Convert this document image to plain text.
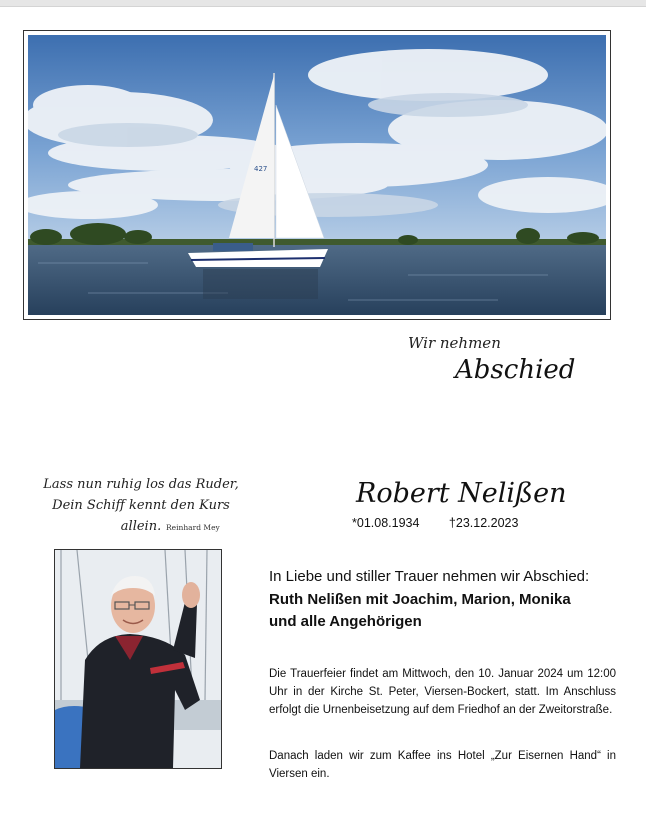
427
Wir nehmen
Abschied
Lass nun ruhig los das Ruder,
Dein Schiff kennt den Kurs allein. Reinhard Mey
Robert Nelißen
*01.08.1934 †23.12.2023
In Liebe und stiller Trauer nehmen wir Abschied:
Ruth Nelißen mit Joachim, Marion, Monika
und alle Angehörigen

Die Trauerfeier findet am Mittwoch, den 10. Januar 2024 um 12:00 Uhr in der Kirche St. Peter, Viersen-Bockert, statt. Im Anschluss erfolgt die Urnenbeisetzung auf dem Friedhof an der Zweitorstraße.

Danach laden wir zum Kaffee ins Hotel „Zur Eisernen Hand“ in Viersen ein.
